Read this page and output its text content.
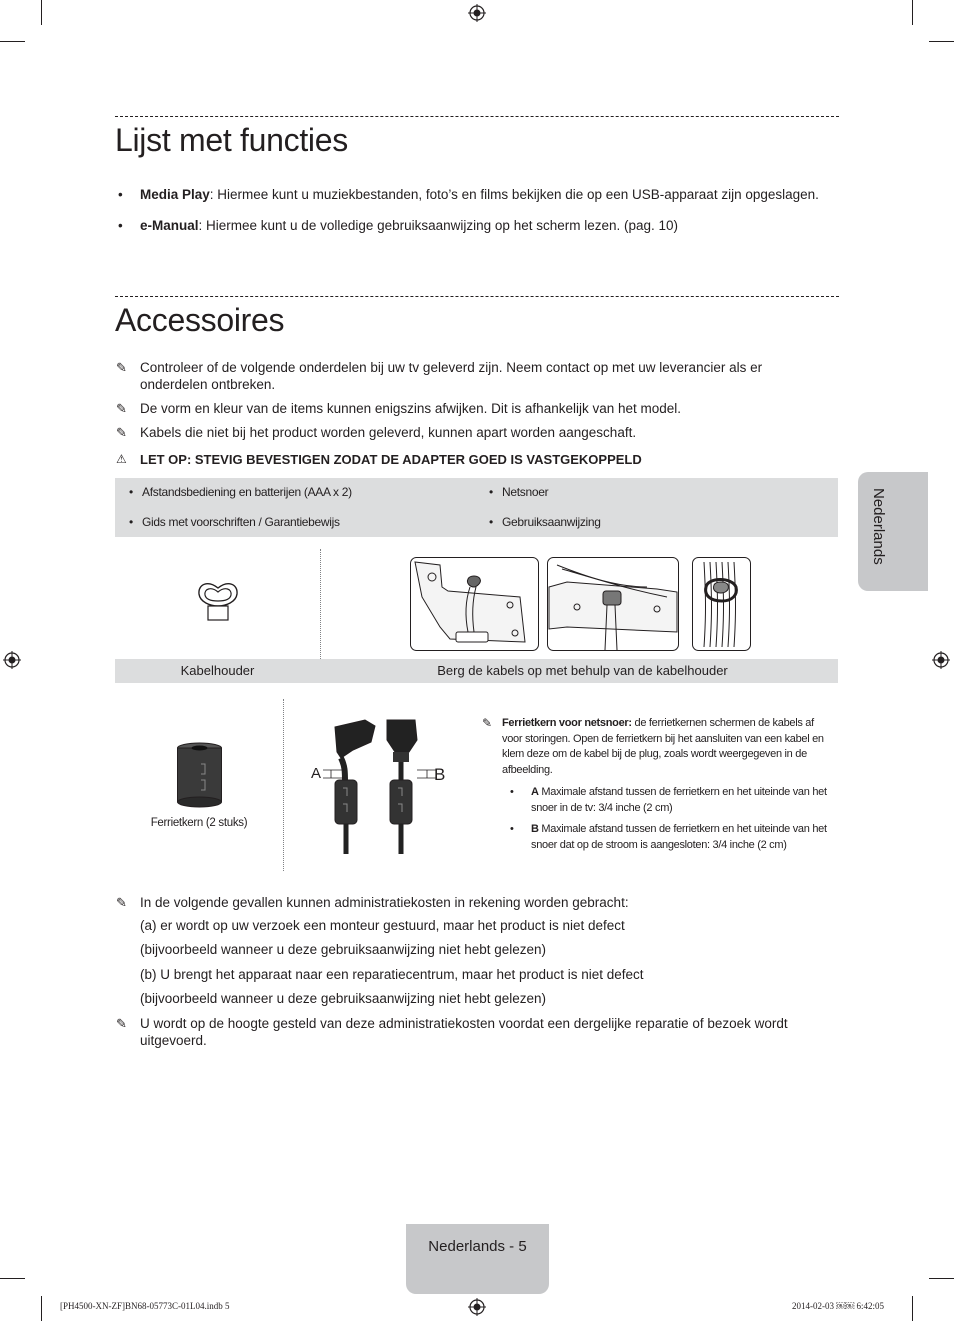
Lijst met functies
• Media Play: Hiermee kunt u muziekbestanden, foto’s en films bekijken die op een USB-apparaat zijn opgeslagen.
• e-Manual: Hiermee kunt u de volledige gebruiksaanwijzing op het scherm lezen. (pag. 10)
Accessoires
✎ Controleer of de volgende onderdelen bij uw tv geleverd zijn. Neem contact op met uw leverancier als er onderdelen ontbreken.
✎ De vorm en kleur van de items kunnen enigszins afwijken. Dit is afhankelijk van het model.
✎ Kabels die niet bij het product worden geleverd, kunnen apart worden aangeschaft.
⚠ LET OP: STEVIG BEVESTIGEN ZODAT DE ADAPTER GOED IS VASTGEKOPPELD
Nederlands
•   Afstandsbediening en batterijen (AAA x 2)	•   Netsnoer
•   Gids met voorschriften / Garantiebewijs	•   Gebruiksaanwijzing
Kabelhouder	Berg de kabels op met behulp van de kabelhouder
Ferrietkern (2 stuks)
A	B
✎ Ferrietkern voor netsnoer: de ferrietkernen schermen de kabels af voor storingen. Open de ferrietkern bij het aansluiten van een kabel en klem deze om de kabel bij de plug, zoals wordt weergegeven in de afbeelding.
• A Maximale afstand tussen de ferrietkern en het uiteinde van het snoer in de tv: 3/4 inche (2 cm)
• B Maximale afstand tussen de ferrietkern en het uiteinde van het snoer dat op de stroom is aangesloten: 3/4 inche (2 cm)
✎ In de volgende gevallen kunnen administratiekosten in rekening worden gebracht:
(a) er wordt op uw verzoek een monteur gestuurd, maar het product is niet defect
(bijvoorbeeld wanneer u deze gebruiksaanwijzing niet hebt gelezen)
(b) U brengt het apparaat naar een reparatiecentrum, maar het product is niet defect
(bijvoorbeeld wanneer u deze gebruiksaanwijzing niet hebt gelezen)
✎ U wordt op de hoogte gesteld van deze administratiekosten voordat een dergelijke reparatie of bezoek wordt uitgevoerd.
Nederlands - 5
[PH4500-XN-ZF]BN68-05773C-01L04.indb 5	2014-02-03 ￼￼ 6:42:05
